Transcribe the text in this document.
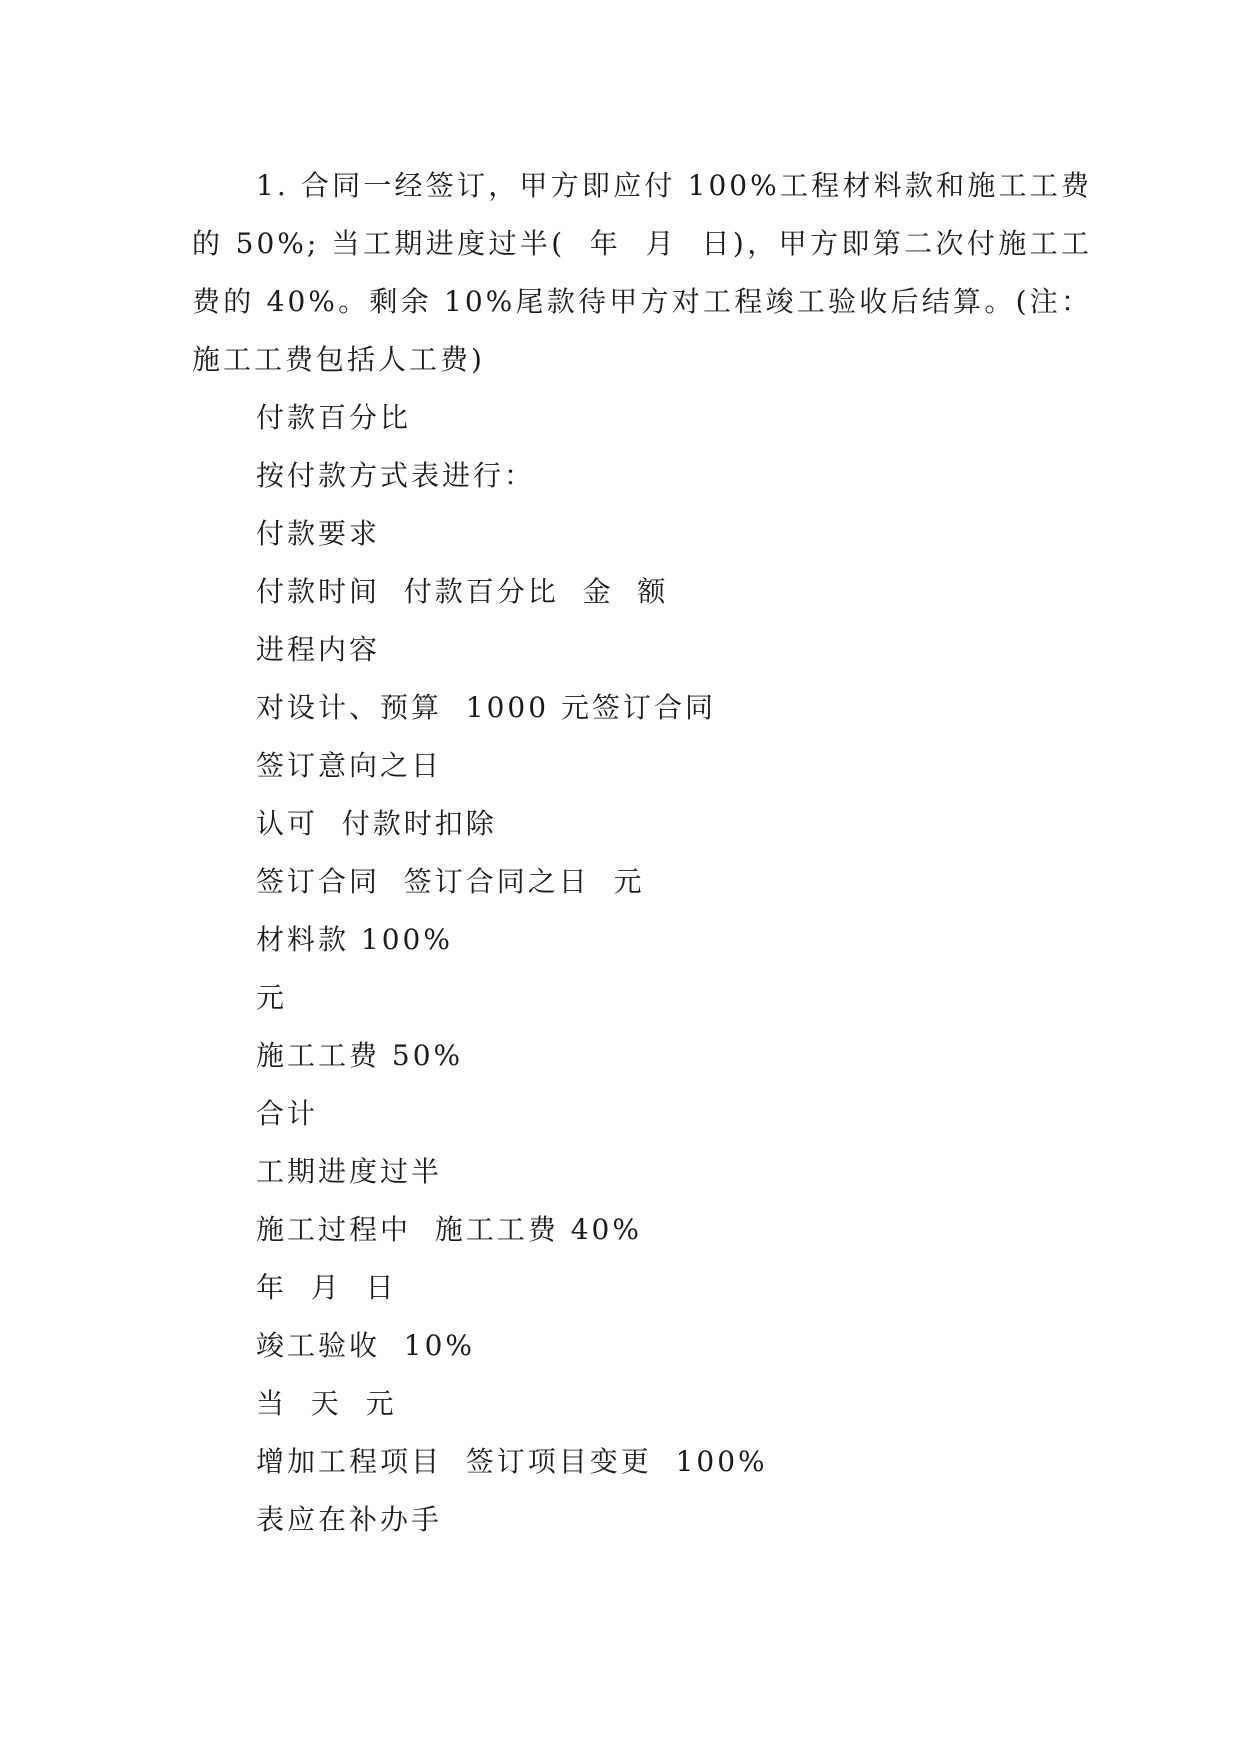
1. 合同一经签订，甲方即应付 100%工程材料款和施工工费的 50%; 当工期进度过半(  年  月  日)，甲方即第二次付施工工费的 40%。剩余 10%尾款待甲方对工程竣工验收后结算。(注：施工工费包括人工费)

付款百分比
按付款方式表进行：
付款要求
付款时间  付款百分比  金  额
进程内容
对设计、预算  1000 元签订合同
签订意向之日
认可  付款时扣除
签订合同  签订合同之日  元
材料款 100%
元
施工工费 50%
合计
工期进度过半
施工过程中  施工工费 40%
年  月  日
竣工验收  10%
当  天  元
增加工程项目  签订项目变更  100%
表应在补办手
